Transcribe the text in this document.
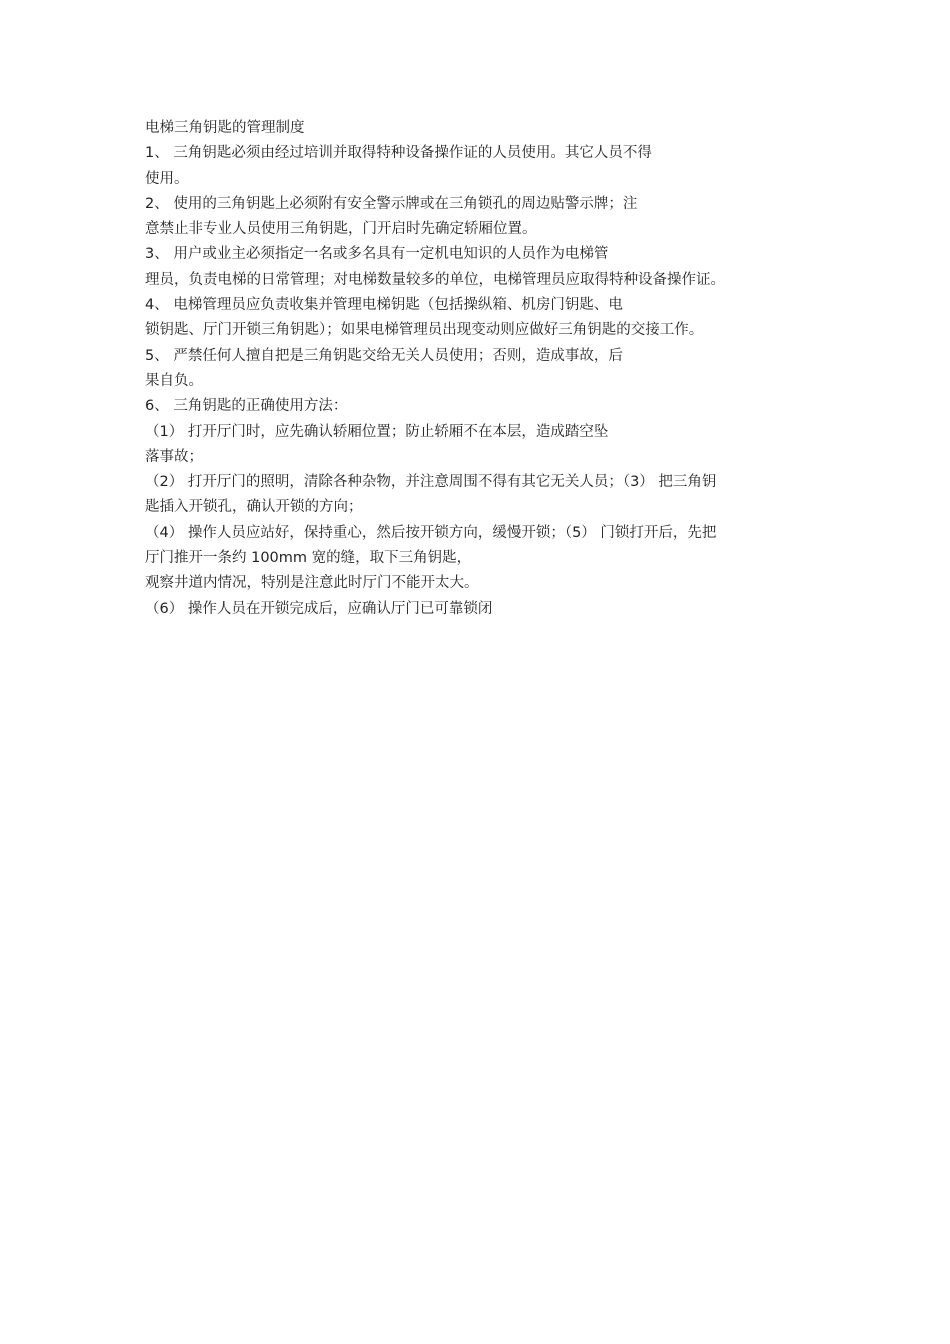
电梯三角钥匙的管理制度
1、 三角钥匙必须由经过培训并取得特种设备操作证的人员使用。其它人员不得
使用。
2、 使用的三角钥匙上必须附有安全警示牌或在三角锁孔的周边贴警示牌；注
意禁止非专业人员使用三角钥匙，门开启时先确定轿厢位置。
3、 用户或业主必须指定一名或多名具有一定机电知识的人员作为电梯管
理员，负责电梯的日常管理；对电梯数量较多的单位，电梯管理员应取得特种设备操作证。
4、 电梯管理员应负责收集并管理电梯钥匙（包括操纵箱、机房门钥匙、电
锁钥匙、厅门开锁三角钥匙）；如果电梯管理员出现变动则应做好三角钥匙的交接工作。
5、 严禁任何人擅自把是三角钥匙交给无关人员使用；否则，造成事故，后
果自负。
6、 三角钥匙的正确使用方法：
（1） 打开厅门时，应先确认轿厢位置；防止轿厢不在本层，造成踏空坠
落事故；
（2） 打开厅门的照明，清除各种杂物，并注意周围不得有其它无关人员；（3） 把三角钥
匙插入开锁孔，确认开锁的方向；
（4） 操作人员应站好，保持重心，然后按开锁方向，缓慢开锁；（5） 门锁打开后，先把
厅门推开一条约 100mm 宽的缝，取下三角钥匙，
观察井道内情况，特别是注意此时厅门不能开太大。
（6） 操作人员在开锁完成后，应确认厅门已可靠锁闭
